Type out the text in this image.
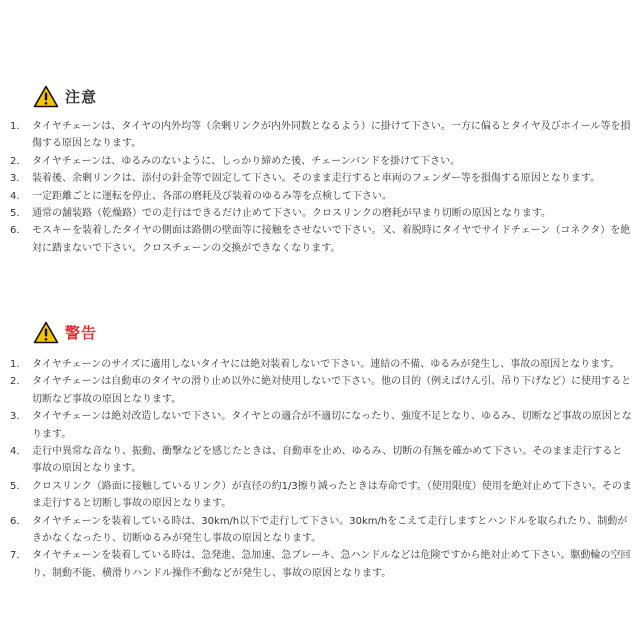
注意
1. タイヤチェーンは、タイヤの内外均等（余剰リンクが内外同数となるよう）に掛けて下さい。一方に偏るとタイヤ及びホイール等を損傷する原因となります。
2. タイヤチェーンは、ゆるみのないように、しっかり締めた後、チェーンバンドを掛けて下さい。
3. 装着後、余剰リンクは、添付の針金等で固定して下さい。そのまま走行すると車両のフェンダー等を損傷する原因となります。
4. 一定距離ごとに運転を停止、各部の磨耗及び装着のゆるみ等を点検して下さい。
5. 通常の舗装路（乾燥路）での走行はできるだけ止めて下さい。クロスリンクの磨耗が早まり切断の原因となります。
6. モスキーを装着したタイヤの側面は路側の壁面等に接触をさせないで下さい。又、着脱時にタイヤでサイドチェーン（コネクタ）を絶対に踏まないで下さい。クロスチェーンの交換ができなくなります。
警告
1. タイヤチェーンのサイズに適用しないタイヤには絶対装着しないで下さい。連結の不備、ゆるみが発生し、事故の原因となります。
2. タイヤチェーンは自動車のタイヤの滑り止め以外に絶対使用しないで下さい。他の目的（例えばけん引、吊り下げなど）に使用すると切断など事故の原因となります。
3. タイヤチェーンは絶対改造しないで下さい。タイヤとの適合が不適切になったり、強度不足となり、ゆるみ、切断など事故の原因となります。
4. 走行中異常な音なり、振動、衝撃などを感じたときは、自動車を止め、ゆるみ、切断の有無を確かめて下さい。そのまま走行すると事故の原因となります。
5. クロスリンク（路面に接触しているリンク）が直径の約1/3擦り減ったときは寿命です。（使用限度）使用を絶対止めて下さい。そのまま走行すると切断し事故の原因となります。
6. タイヤチェーンを装着している時は、30km/h以下で走行して下さい。30km/hをこえて走行しますとハンドルを取られたり、制動がきかなくなったり、切断ゆるみが発生し事故の原因となります。
7. タイヤチェーンを装着している時は、急発進、急加速、急ブレーキ、急ハンドルなどは危険ですから絶対止めて下さい。駆動輪の空回り、制動不能、横滑りハンドル操作不動などが発生し、事故の原因となります。
